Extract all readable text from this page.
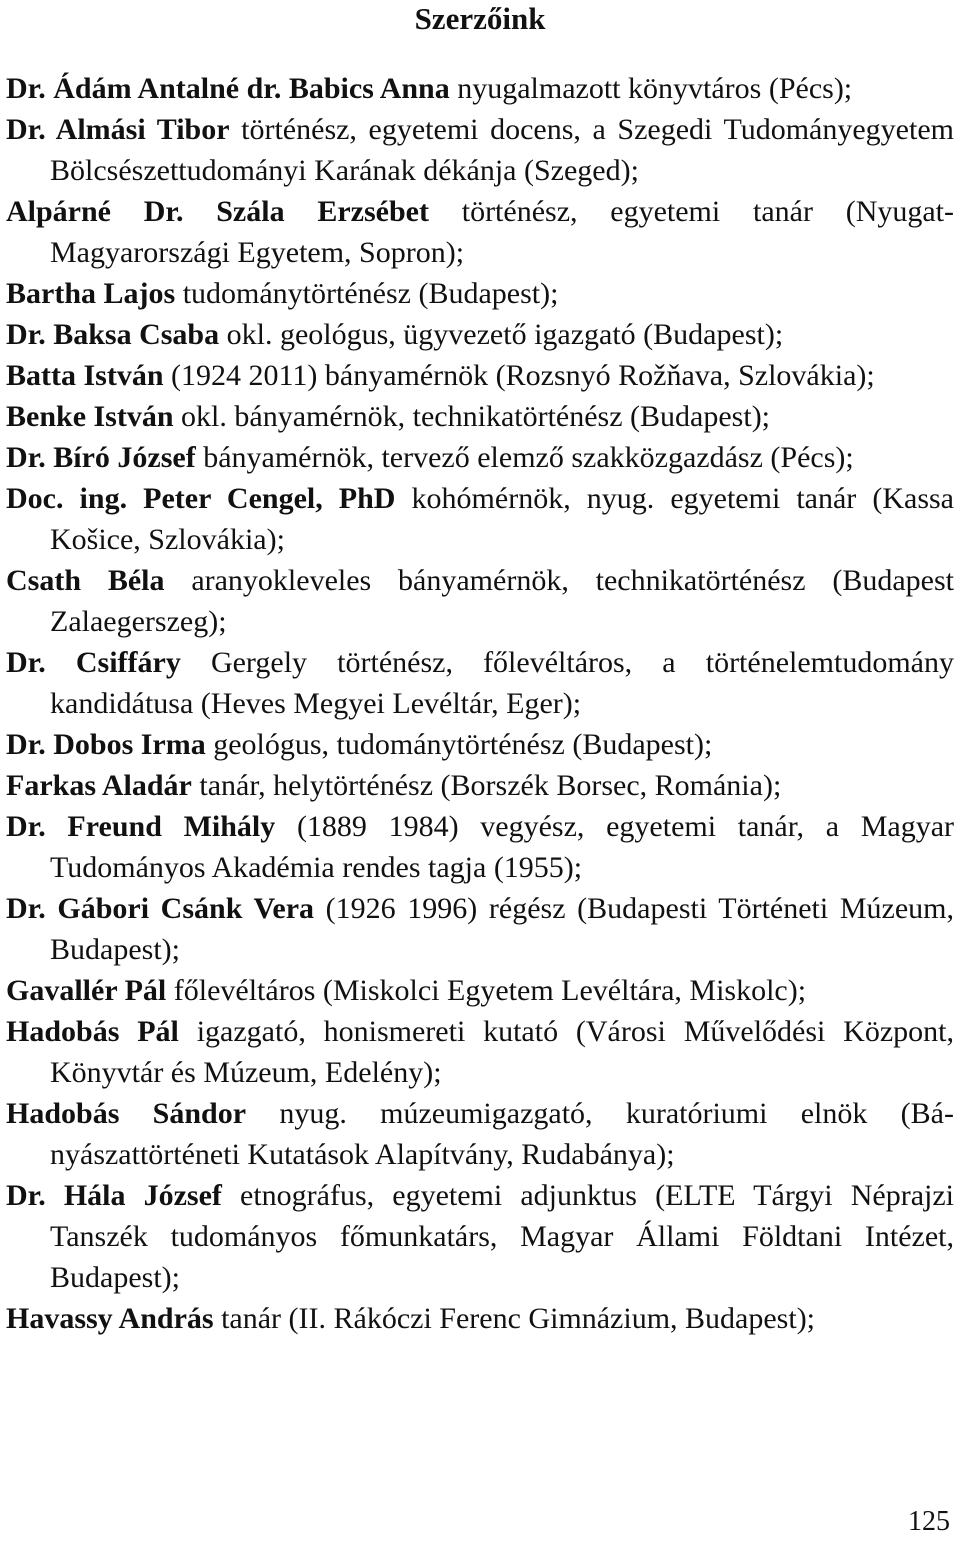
Szerzőink
Dr. Ádám Antalné dr. Babics Anna nyugalmazott könyvtáros (Pécs);
Dr. Almási Tibor történész, egyetemi docens, a Szegedi Tudományegyetem Bölcsészettudományi Karának dékánja (Szeged);
Alpárné Dr. Szála Erzsébet történész, egyetemi tanár (Nyugat-Magyarországi Egyetem, Sopron);
Bartha Lajos tudománytörténész (Budapest);
Dr. Baksa Csaba okl. geológus, ügyvezető igazgató (Budapest);
Batta István (1924 2011) bányamérnök (Rozsnyó Rožňava, Szlovákia);
Benke István okl. bányamérnök, technikatörténész (Budapest);
Dr. Bíró József bányamérnök, tervező elemző szakközgazdász (Pécs);
Doc. ing. Peter Cengel, PhD kohómérnök, nyug. egyetemi tanár (Kassa Košice, Szlovákia);
Csath Béla aranyokleveles bányamérnök, technikatörténész (Budapest Zalaegerszeg);
Dr. Csiffáry Gergely történész, főlevéltáros, a történelemtudomány kandidátusa (Heves Megyei Levéltár, Eger);
Dr. Dobos Irma geológus, tudománytörténész (Budapest);
Farkas Aladár tanár, helytörténész (Borszék Borsec, Románia);
Dr. Freund Mihály (1889 1984) vegyész, egyetemi tanár, a Magyar Tudományos Akadémia rendes tagja (1955);
Dr. Gábori Csánk Vera (1926 1996) régész (Budapesti Történeti Múzeum, Budapest);
Gavallér Pál főlevéltáros (Miskolci Egyetem Levéltára, Miskolc);
Hadobás Pál igazgató, honismereti kutató (Városi Művelődési Központ, Könyvtár és Múzeum, Edelény);
Hadobás Sándor nyug. múzeumigazgató, kuratóriumi elnök (Bányászattörténeti Kutatások Alapítvány, Rudabánya);
Dr. Hála József etnográfus, egyetemi adjunktus (ELTE Tárgyi Néprajzi Tanszék tudományos főmunkatárs, Magyar Állami Földtani Intézet, Budapest);
Havassy András tanár (II. Rákóczi Ferenc Gimnázium, Budapest);
125
